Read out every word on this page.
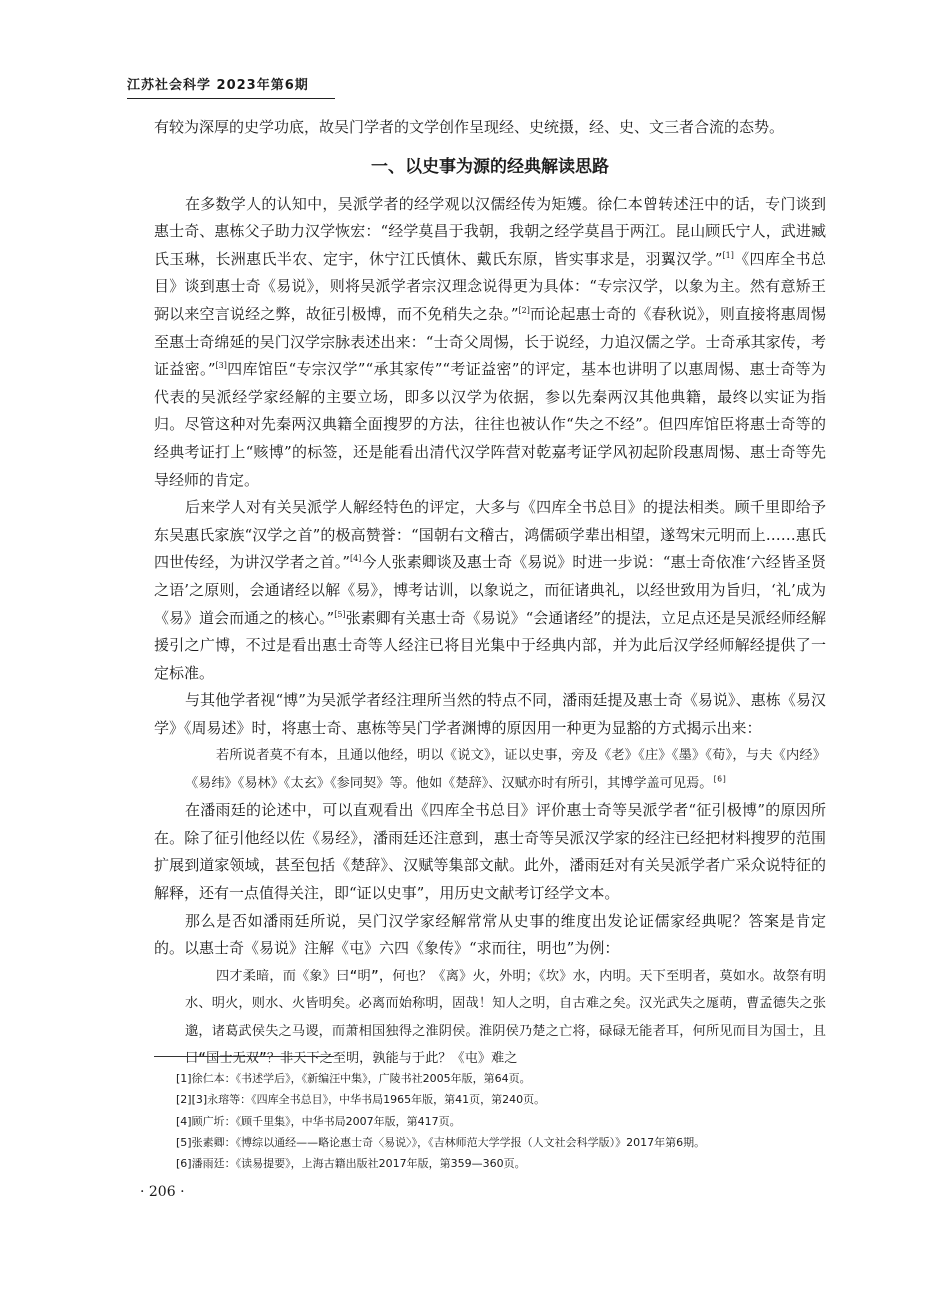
江苏社会科学 2023年第6期

有较为深厚的史学功底，故吴门学者的文学创作呈现经、史统摄，经、史、文三者合流的态势。

一、以史事为源的经典解读思路

在多数学人的认知中，吴派学者的经学观以汉儒经传为矩矱。徐仁本曾转述汪中的话，专门谈到惠士奇、惠栋父子助力汉学恢宏：“经学莫昌于我朝，我朝之经学莫昌于两江。昆山顾氏宁人，武进臧氏玉琳，长洲惠氏半农、定宇，休宁江氏慎休、戴氏东原，皆实事求是，羽翼汉学。”[1]《四库全书总目》谈到惠士奇《易说》，则将吴派学者宗汉理念说得更为具体：“专宗汉学，以象为主。然有意矫王弼以来空言说经之弊，故征引极博，而不免稍失之杂。”[2]而论起惠士奇的《春秋说》，则直接将惠周惕至惠士奇绵延的吴门汉学宗脉表述出来：“士奇父周惕，长于说经，力追汉儒之学。士奇承其家传，考证益密。”[3]四库馆臣“专宗汉学”“承其家传”“考证益密”的评定，基本也讲明了以惠周惕、惠士奇等为代表的吴派经学家经解的主要立场，即多以汉学为依据，参以先秦两汉其他典籍，最终以实证为指归。尽管这种对先秦两汉典籍全面搜罗的方法，往往也被认作“失之不经”。但四库馆臣将惠士奇等的经典考证打上“赅博”的标签，还是能看出清代汉学阵营对乾嘉考证学风初起阶段惠周惕、惠士奇等先导经师的肯定。

后来学人对有关吴派学人解经特色的评定，大多与《四库全书总目》的提法相类。顾千里即给予东吴惠氏家族“汉学之首”的极高赞誉：“国朝右文稽古，鸿儒硕学辈出相望，遂驾宋元明而上……惠氏四世传经，为讲汉学者之首。”[4]今人张素卿谈及惠士奇《易说》时进一步说：“惠士奇依准‘六经皆圣贤之语’之原则，会通诸经以解《易》，博考诂训，以象说之，而征诸典礼，以经世致用为旨归，‘礼’成为《易》道会而通之的核心。”[5]张素卿有关惠士奇《易说》“会通诸经”的提法，立足点还是吴派经师经解援引之广博，不过是看出惠士奇等人经注已将目光集中于经典内部，并为此后汉学经师解经提供了一定标准。

与其他学者视“博”为吴派学者经注理所当然的特点不同，潘雨廷提及惠士奇《易说》、惠栋《易汉学》《周易述》时，将惠士奇、惠栋等吴门学者渊博的原因用一种更为显豁的方式揭示出来：

若所说者莫不有本，且通以他经，明以《说文》，证以史事，旁及《老》《庄》《墨》《荀》，与夫《内经》《易纬》《易林》《太玄》《参同契》等。他如《楚辞》、汉赋亦时有所引，其博学盖可见焉。[6]

在潘雨廷的论述中，可以直观看出《四库全书总目》评价惠士奇等吴派学者“征引极博”的原因所在。除了征引他经以佐《易经》，潘雨廷还注意到，惠士奇等吴派汉学家的经注已经把材料搜罗的范围扩展到道家领域，甚至包括《楚辞》、汉赋等集部文献。此外，潘雨廷对有关吴派学者广采众说特征的解释，还有一点值得关注，即“证以史事”，用历史文献考订经学文本。

那么是否如潘雨廷所说，吴门汉学家经解常常从史事的维度出发论证儒家经典呢？答案是肯定的。以惠士奇《易说》注解《屯》六四《象传》“求而往，明也”为例：

四才柔暗，而《象》曰“明”，何也？《离》火，外明；《坎》水，内明。天下至明者，莫如水。故祭有明水、明火，则水、火皆明矣。必离而始称明，固哉！知人之明，自古难之矣。汉光武失之厖萌，曹孟德失之张邈，诸葛武侯失之马谡，而萧相国独得之淮阴侯。淮阴侯乃楚之亡将，碌碌无能者耳，何所见而目为国士，且曰“国士无双”？非天下之至明，孰能与于此？《屯》难之

[1]徐仁本：《书述学后》，《新编汪中集》，广陵书社2005年版，第64页。
[2][3]永瑢等：《四库全书总目》，中华书局1965年版，第41页，第240页。
[4]顾广圻：《顾千里集》，中华书局2007年版，第417页。
[5]张素卿：《博综以通经——略论惠士奇〈易说〉》，《吉林师范大学学报（人文社会科学版）》2017年第6期。
[6]潘雨廷：《读易提要》，上海古籍出版社2017年版，第359—360页。
· 206 ·
